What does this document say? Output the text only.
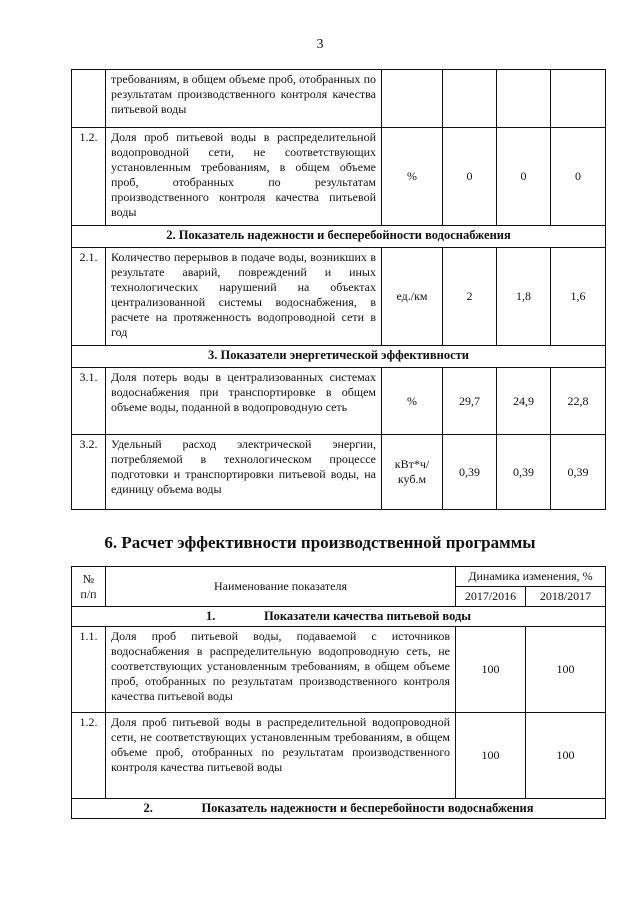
3
	требованиям, в общем объеме проб, отобранных по результатам производственного контроля качества питьевой воды				
1.2.	Доля проб питьевой воды в распределительной водопроводной сети, не соответствующих установленным требованиям, в общем объеме проб, отобранных по результатам производственного контроля качества питьевой воды	%	0	0	0
2. Показатель надежности и бесперебойности водоснабжения					
2.1.	Количество перерывов в подаче воды, возникших в результате аварий, повреждений и иных технологических нарушений на объектах централизованной системы водоснабжения, в расчете на протяженность водопроводной сети в год	ед./км	2	1,8	1,6
3. Показатели энергетической эффективности					
3.1.	Доля потерь воды в централизованных системах водоснабжения при транспортировке в общем объеме воды, поданной в водопроводную сеть	%	29,7	24,9	22,8
3.2.	Удельный расход электрической энергии, потребляемой в технологическом процессе подготовки и транспортировки питьевой воды, на единицу объема воды	кВт*ч/ куб.м	0,39	0,39	0,39
6. Расчет эффективности производственной программы
№
п/п	Наименование показателя	Динамика изменения, %	
		2017/2016	2018/2017
1. Показатели качества питьевой воды			
1.1.	Доля проб питьевой воды, подаваемой с источников водоснабжения в распределительную водопроводную сеть, не соответствующих установленным требованиям, в общем объеме проб, отобранных по результатам производственного контроля качества питьевой воды	100	100
1.2.	Доля проб питьевой воды в распределительной водопроводной сети, не соответствующих установленным требованиям, в общем объеме проб, отобранных по результатам производственного контроля качества питьевой воды	100	100
2. Показатель надежности и бесперебойности водоснабжения			
